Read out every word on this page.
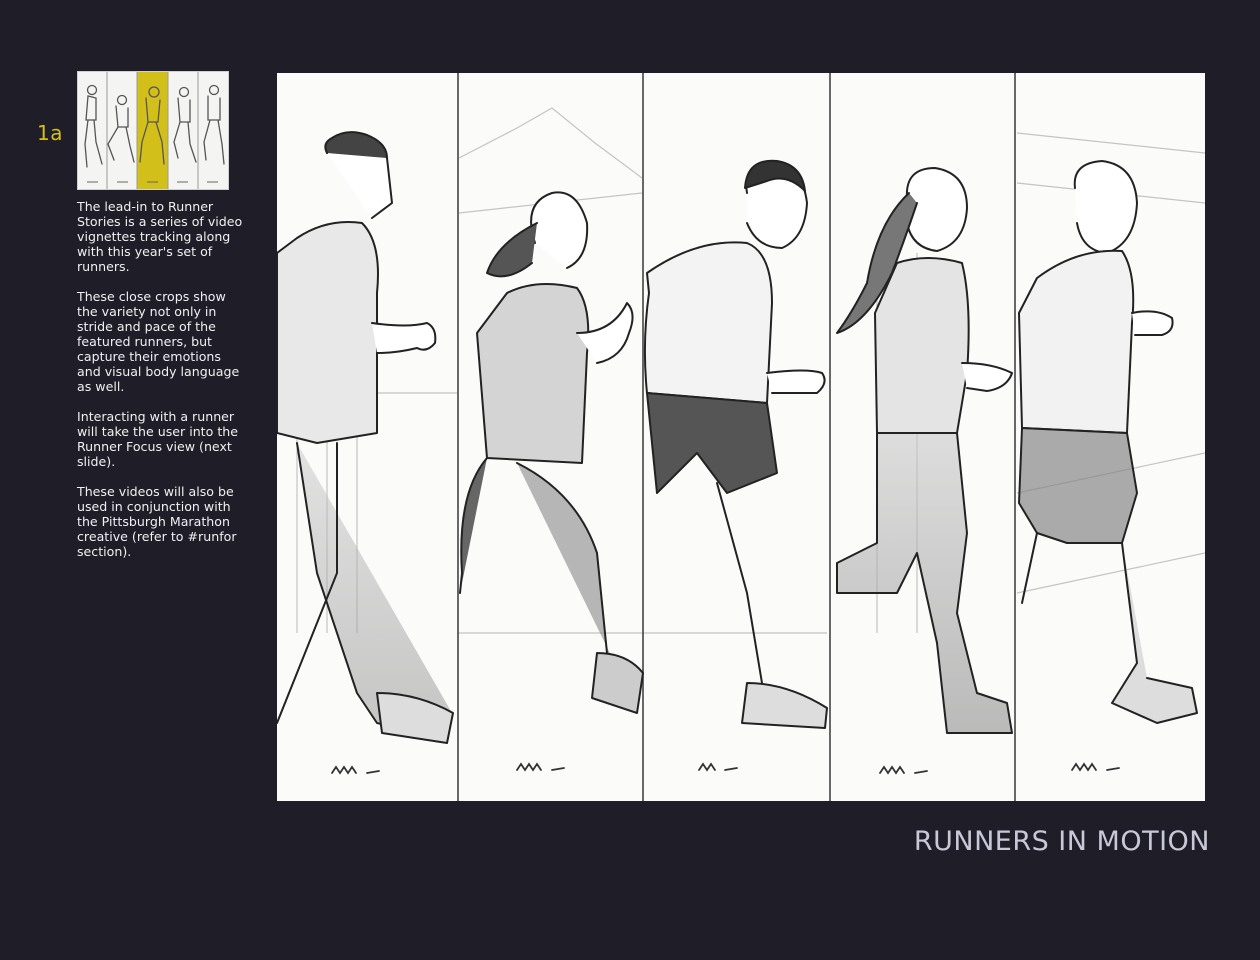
1a

The lead-in to Runner Stories is a series of video vignettes tracking along with this year's set of runners.

These close crops show the variety not only in stride and pace of the featured runners, but capture their emotions and visual body language as well.

Interacting with a runner will take the user into the Runner Focus view (next slide).

These videos will also be used in conjunction with the Pittsburgh Marathon creative (refer to #runfor section).

RUNNERS IN MOTION
